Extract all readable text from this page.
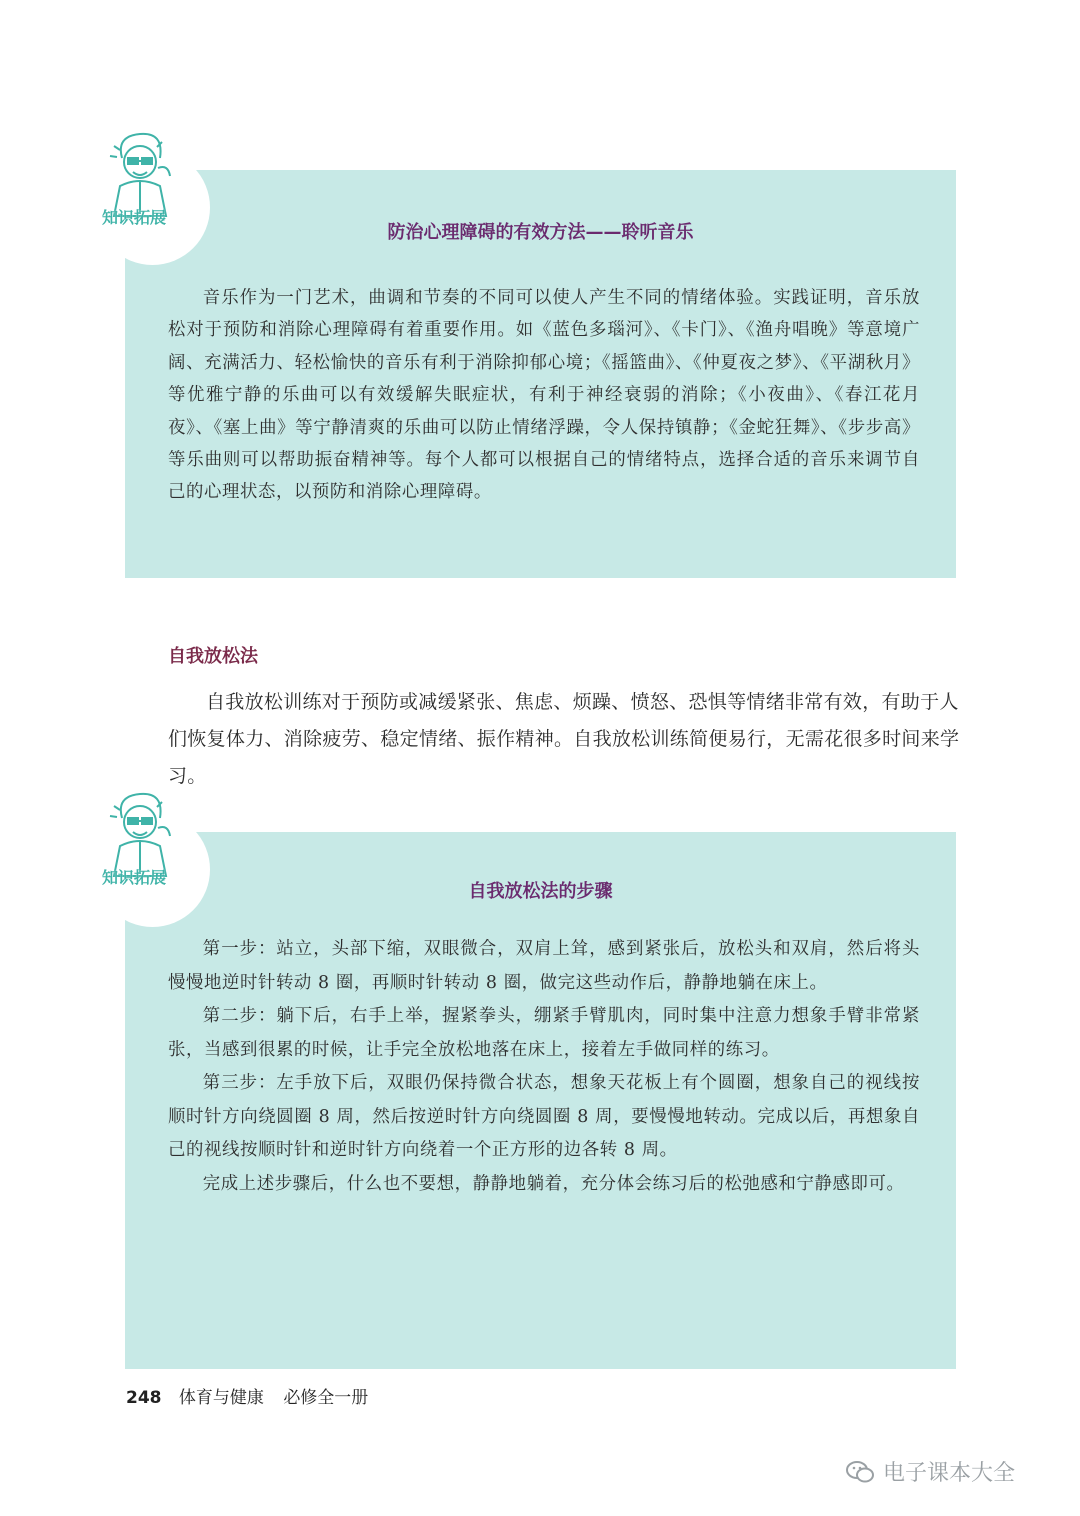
知识拓展
防治心理障碍的有效方法——聆听音乐

音乐作为一门艺术，曲调和节奏的不同可以使人产生不同的情绪体验。实践证明，音乐放松对于预防和消除心理障碍有着重要作用。如《蓝色多瑙河》、《卡门》、《渔舟唱晚》等意境广阔、充满活力、轻松愉快的音乐有利于消除抑郁心境；《摇篮曲》、《仲夏夜之梦》、《平湖秋月》等优雅宁静的乐曲可以有效缓解失眠症状，有利于神经衰弱的消除；《小夜曲》、《春江花月夜》、《塞上曲》等宁静清爽的乐曲可以防止情绪浮躁，令人保持镇静；《金蛇狂舞》、《步步高》等乐曲则可以帮助振奋精神等。每个人都可以根据自己的情绪特点，选择合适的音乐来调节自己的心理状态，以预防和消除心理障碍。

自我放松法

自我放松训练对于预防或减缓紧张、焦虑、烦躁、愤怒、恐惧等情绪非常有效，有助于人们恢复体力、消除疲劳、稳定情绪、振作精神。自我放松训练简便易行，无需花很多时间来学习。

知识拓展
自我放松法的步骤

第一步：站立，头部下缩，双眼微合，双肩上耸，感到紧张后，放松头和双肩，然后将头慢慢地逆时针转动 8 圈，再顺时针转动 8 圈，做完这些动作后，静静地躺在床上。

第二步：躺下后，右手上举，握紧拳头，绷紧手臂肌肉，同时集中注意力想象手臂非常紧张，当感到很累的时候，让手完全放松地落在床上，接着左手做同样的练习。

第三步：左手放下后，双眼仍保持微合状态，想象天花板上有个圆圈，想象自己的视线按顺时针方向绕圆圈 8 周，然后按逆时针方向绕圆圈 8 周，要慢慢地转动。完成以后，再想象自己的视线按顺时针和逆时针方向绕着一个正方形的边各转 8 周。

完成上述步骤后，什么也不要想，静静地躺着，充分体会练习后的松弛感和宁静感即可。

248 体育与健康 必修全一册
电子课本大全
